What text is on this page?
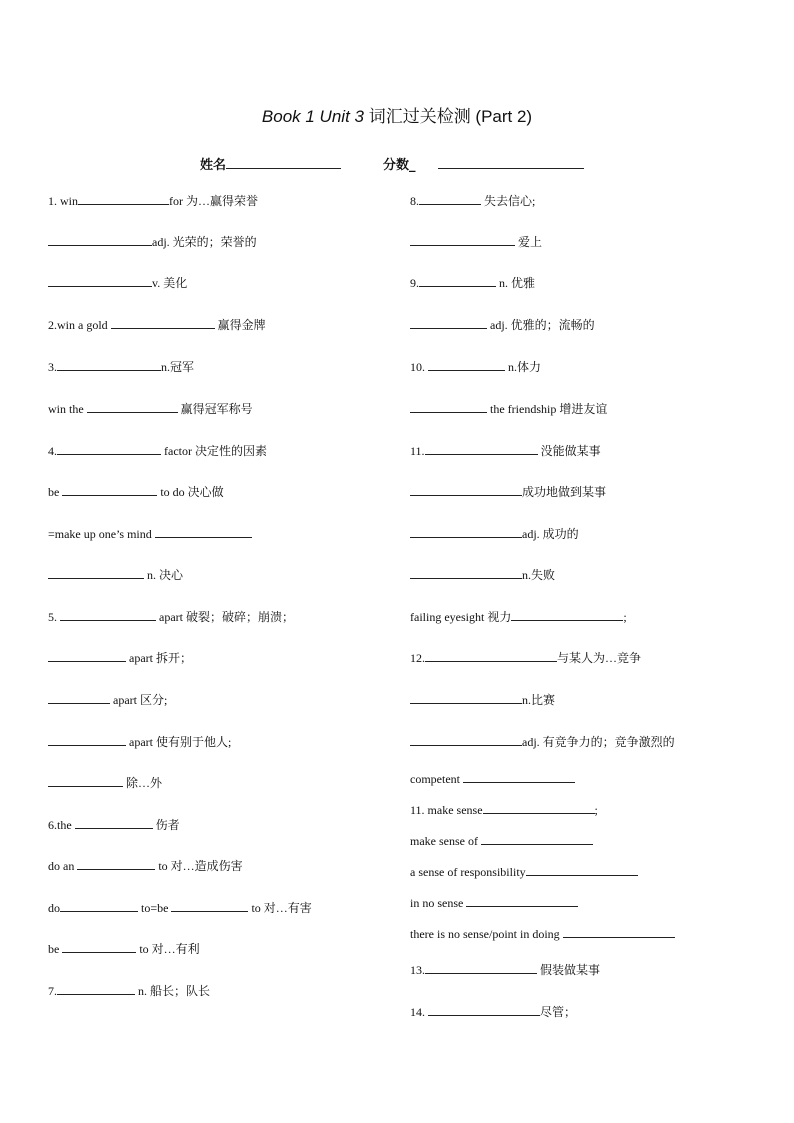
Book 1 Unit 3 词汇过关检测 (Part 2)
姓名	分数_
1. win	for 为…赢得荣誉
adj. 光荣的；荣誉的
v. 美化
2.win a gold	赢得金牌
3.	n.冠军
win the	赢得冠军称号
4.	factor 决定性的因素
be	to do 决心做
=make up one’s mind
n. 决心
5.	apart 破裂；破碎；崩溃；
apart 拆开；
apart 区分;
apart 使有别于他人;
除…外
6.the	伤者
do an	to 对…造成伤害
do	to=be	to 对…有害
be	to 对…有利
7.	n. 船长；队长
8.	失去信心;
爱上
9.	n. 优雅
adj. 优雅的；流畅的
10.	n.体力
the friendship 增进友谊
11.	没能做某事
成功地做到某事
adj. 成功的
n.失败
failing eyesight 视力	;
12.	与某人为…竞争
n.比赛
adj. 有竞争力的；竞争激烈的
competent
11. make sense	;
make sense of
a sense of responsibility
in no sense
there is no sense/point in doing
13.	假装做某事
14.	尽管；
